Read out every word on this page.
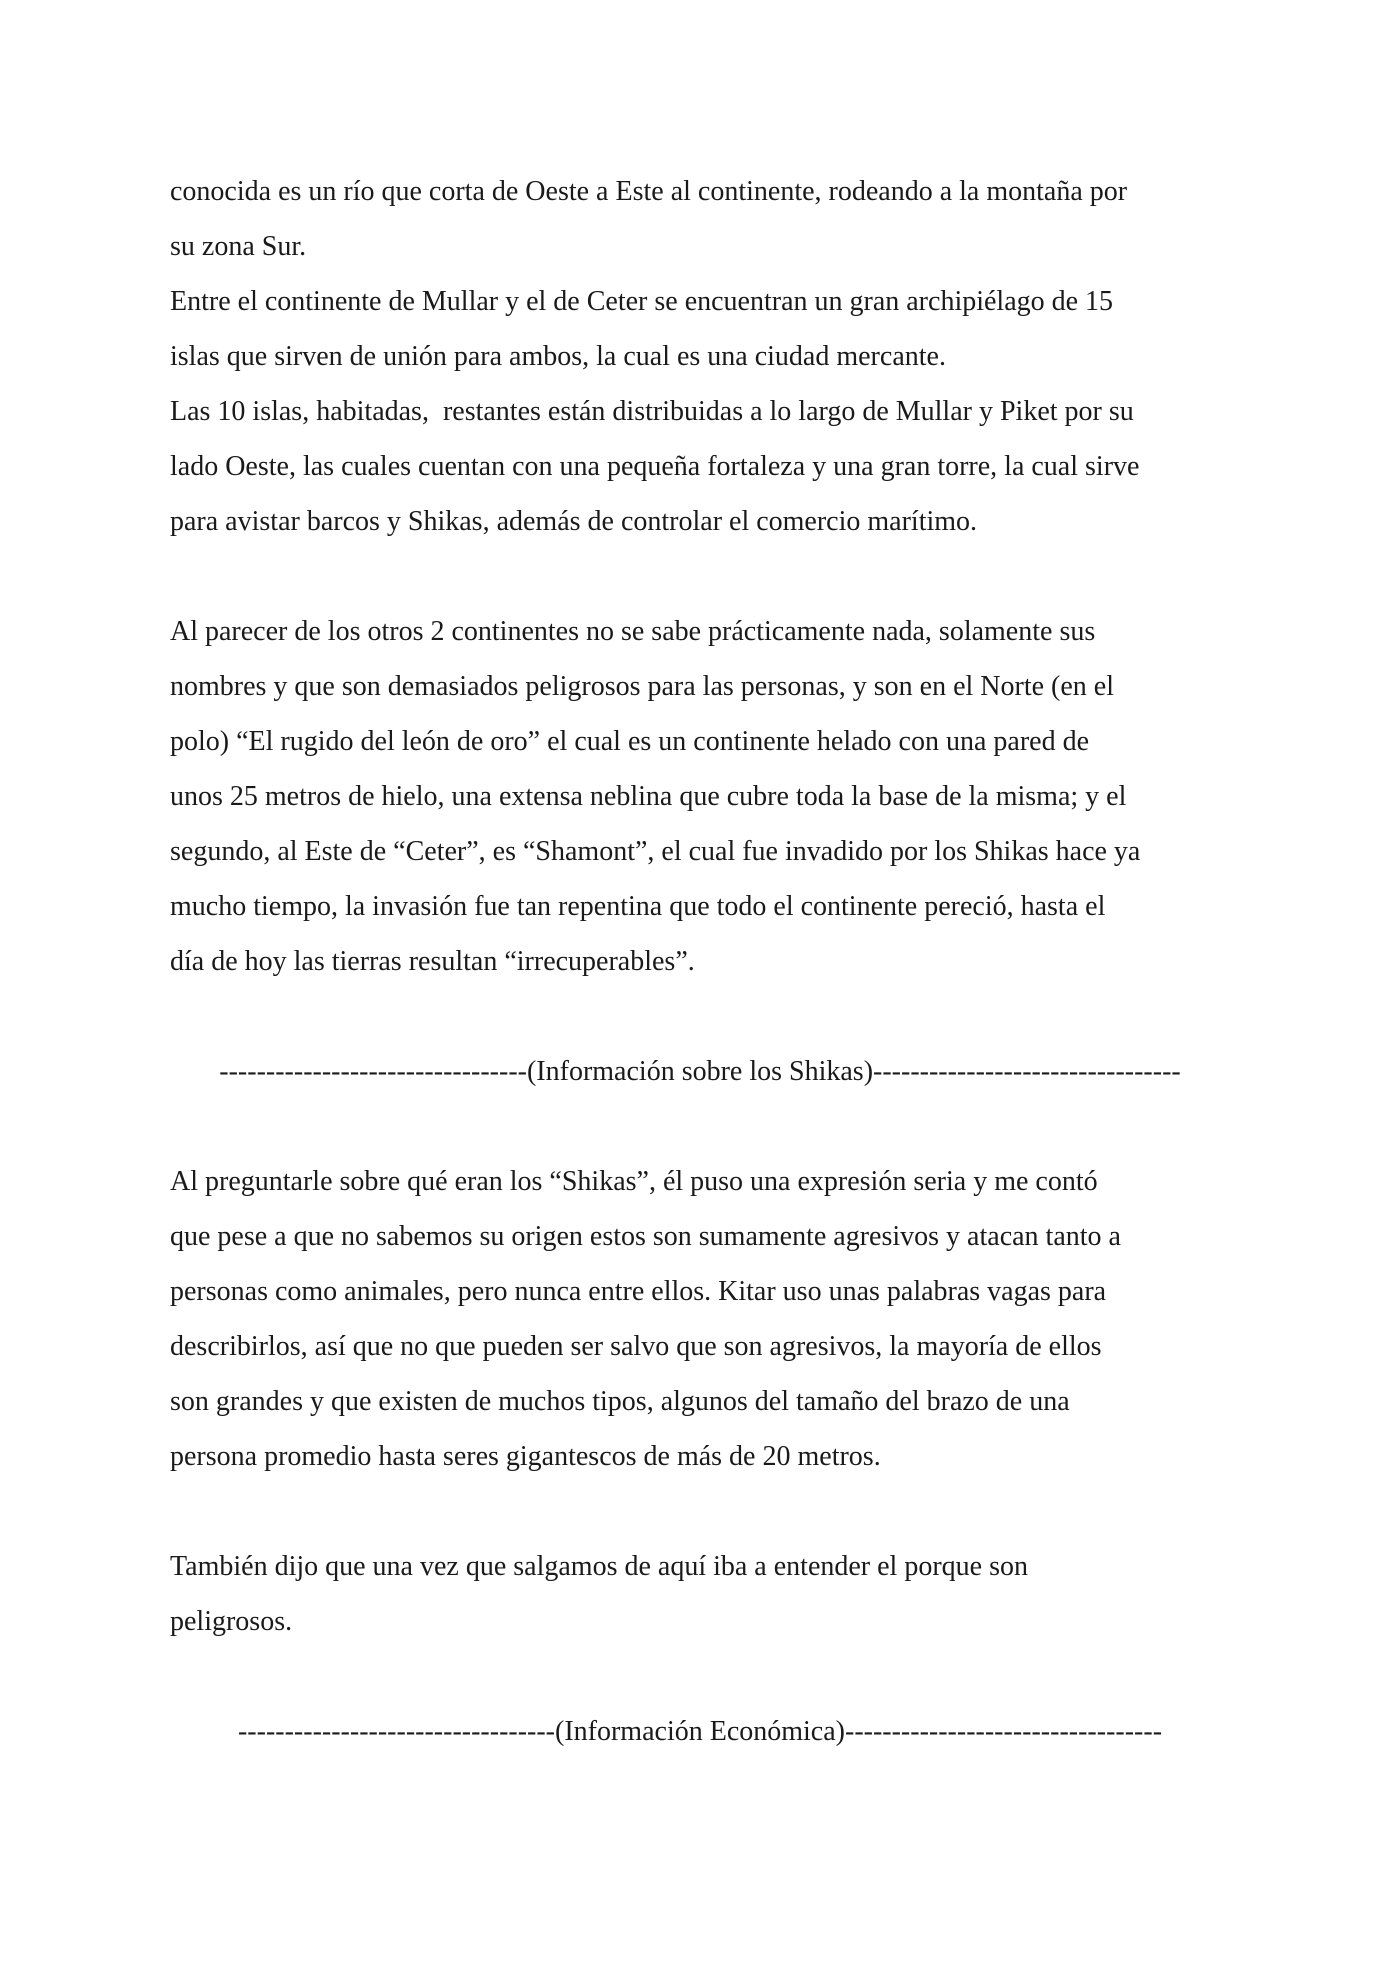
conocida es un río que corta de Oeste a Este al continente, rodeando a la montaña por
su zona Sur.
Entre el continente de Mullar y el de Ceter se encuentran un gran archipiélago de 15
islas que sirven de unión para ambos, la cual es una ciudad mercante.
Las 10 islas, habitadas,  restantes están distribuidas a lo largo de Mullar y Piket por su
lado Oeste, las cuales cuentan con una pequeña fortaleza y una gran torre, la cual sirve
para avistar barcos y Shikas, además de controlar el comercio marítimo.
Al parecer de los otros 2 continentes no se sabe prácticamente nada, solamente sus
nombres y que son demasiados peligrosos para las personas, y son en el Norte (en el
polo) “El rugido del león de oro” el cual es un continente helado con una pared de
unos 25 metros de hielo, una extensa neblina que cubre toda la base de la misma; y el
segundo, al Este de “Ceter”, es “Shamont”, el cual fue invadido por los Shikas hace ya
mucho tiempo, la invasión fue tan repentina que todo el continente pereció, hasta el
día de hoy las tierras resultan “irrecuperables”.
---------------------------------(Información sobre los Shikas)---------------------------------
Al preguntarle sobre qué eran los “Shikas”, él puso una expresión seria y me contó
que pese a que no sabemos su origen estos son sumamente agresivos y atacan tanto a
personas como animales, pero nunca entre ellos. Kitar uso unas palabras vagas para
describirlos, así que no que pueden ser salvo que son agresivos, la mayoría de ellos
son grandes y que existen de muchos tipos, algunos del tamaño del brazo de una
persona promedio hasta seres gigantescos de más de 20 metros.
También dijo que una vez que salgamos de aquí iba a entender el porque son
peligrosos.
----------------------------------(Información Económica)----------------------------------
